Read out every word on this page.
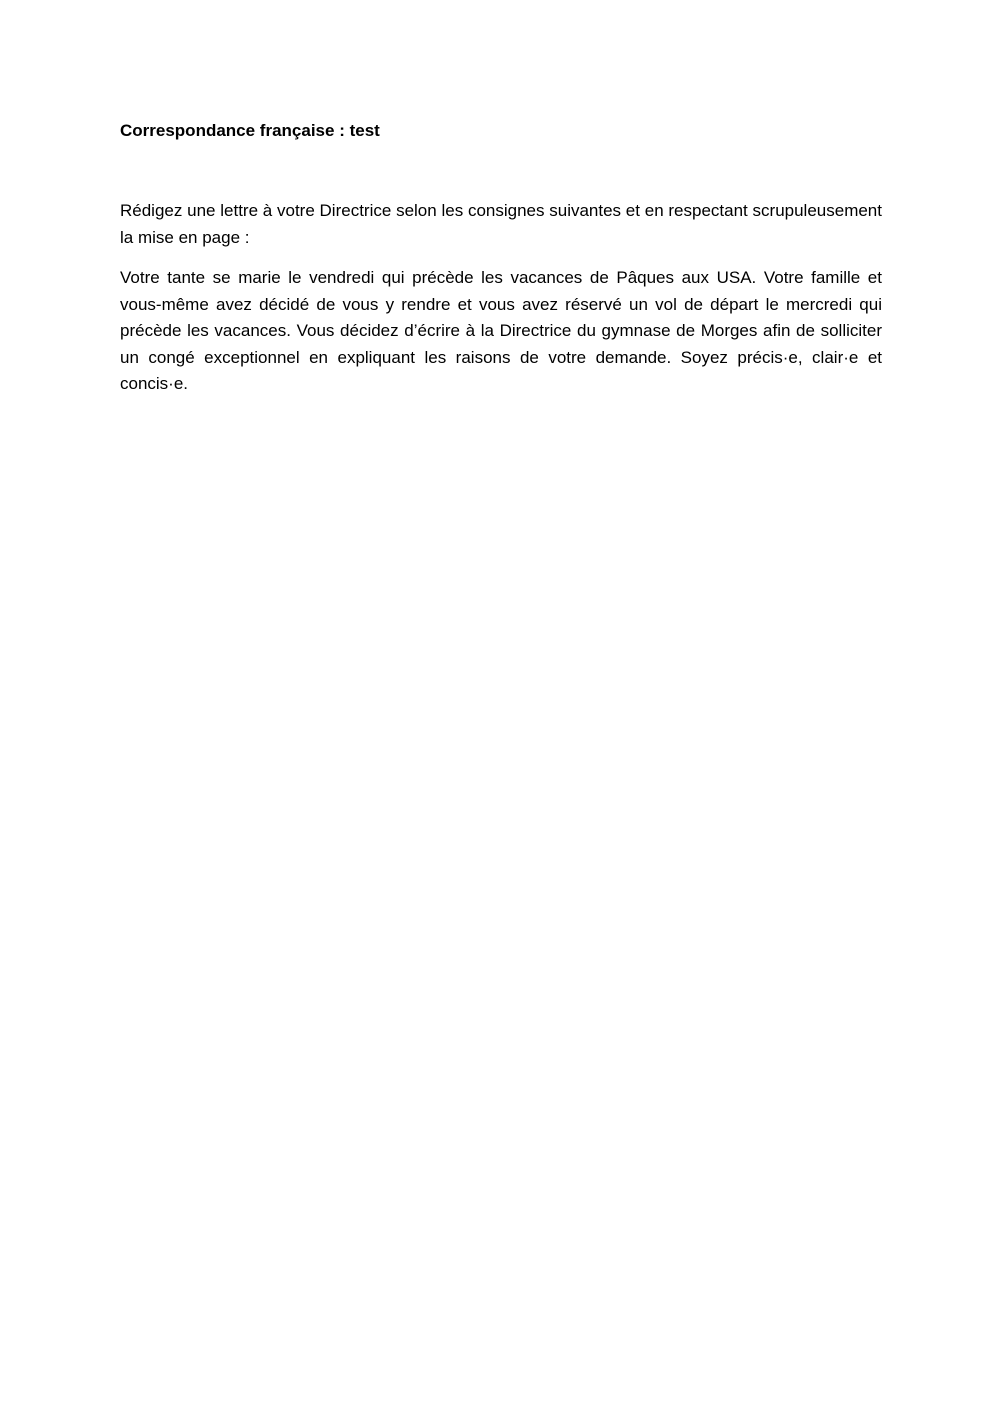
Correspondance française : test

Rédigez une lettre à votre Directrice selon les consignes suivantes et en respectant scrupuleusement la mise en page :

Votre tante se marie le vendredi qui précède les vacances de Pâques aux USA. Votre famille et vous-même avez décidé de vous y rendre et vous avez réservé un vol de départ le mercredi qui précède les vacances. Vous décidez d’écrire à la Directrice du gymnase de Morges afin de solliciter un congé exceptionnel en expliquant les raisons de votre demande. Soyez précis·e, clair·e et concis·e.
